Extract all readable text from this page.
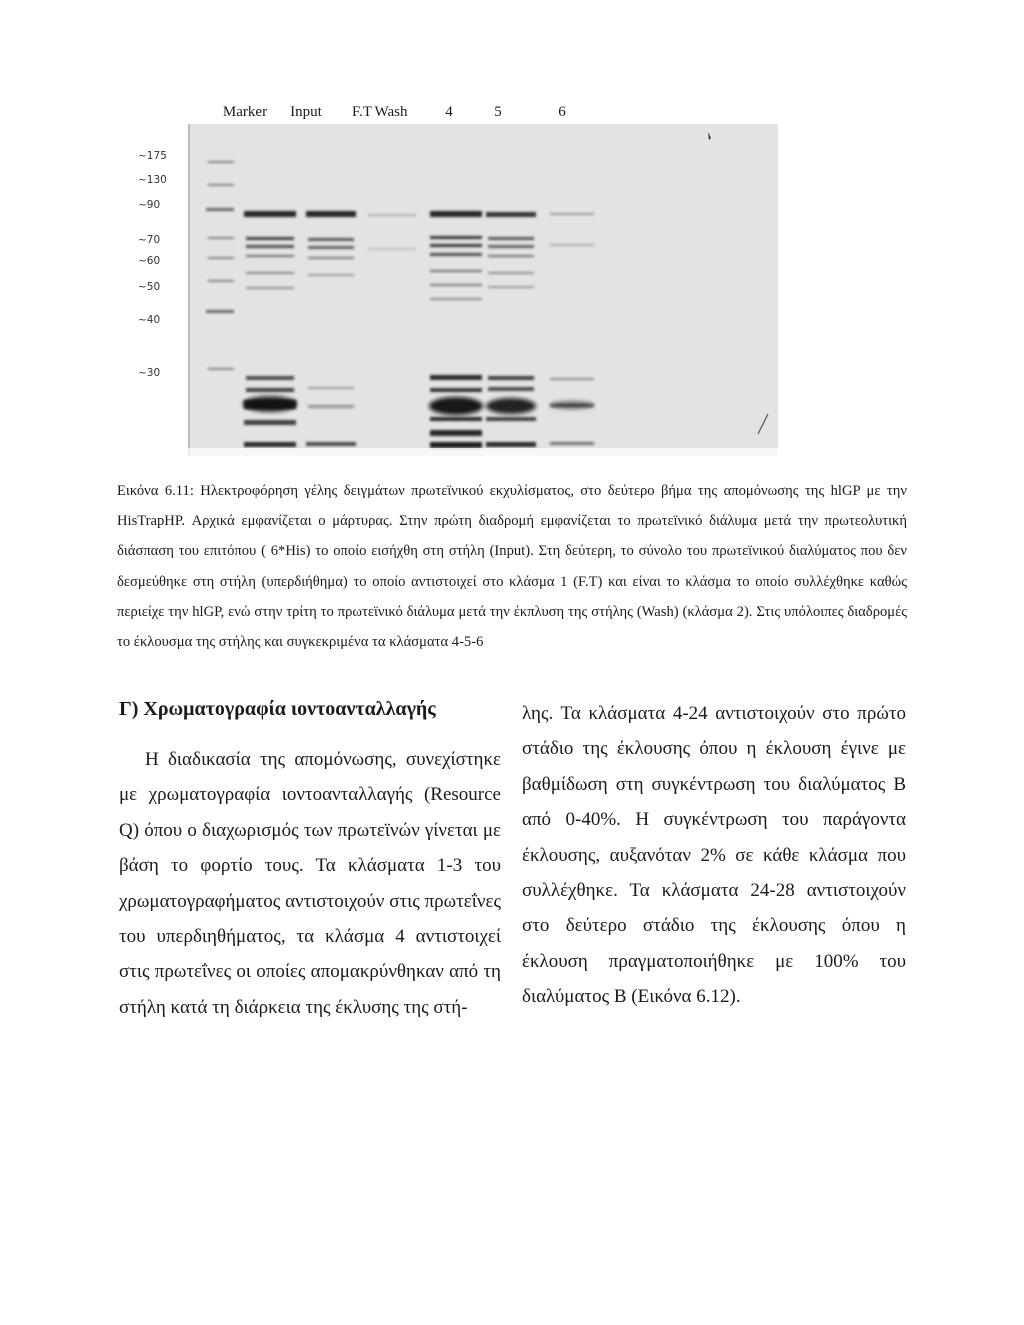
Marker Input F.T Wash	4	5	6
~175
~130
~90
~70
~60
~50
~40
~30

Εικόνα 6.11: Ηλεκτροφόρηση γέλης δειγμάτων πρωτεϊνικού εκχυλίσματος, στο δεύτερο βήμα της απομόνωσης της hlGP με την HisTrapHP. Αρχικά εμφανίζεται ο μάρτυρας. Στην πρώτη διαδρομή εμφανίζεται το πρωτεϊνικό διάλυμα μετά την πρωτεολυτική διάσπαση του επιτόπου ( 6*His) το οποίο εισήχθη στη στήλη (Input). Στη δεύτερη, το σύνολο του πρωτεϊνικού διαλύματος που δεν δεσμεύθηκε στη στήλη (υπερδιήθημα) το οποίο αντιστοιχεί στο κλάσμα 1 (F.T) και είναι το κλάσμα το οποίο συλλέχθηκε καθώς περιείχε την hlGP, ενώ στην τρίτη το πρωτεϊνικό διάλυμα μετά την έκπλυση της στήλης (Wash) (κλάσμα 2). Στις υπόλοιπες διαδρομές το έκλουσμα της στήλης και συγκεκριμένα τα κλάσματα 4-5-6

Γ) Χρωματογραφία ιοντοανταλλαγής
Η διαδικασία της απομόνωσης, συνεχίστηκε με χρωματογραφία ιοντοανταλλαγής (Resource Q) όπου ο διαχωρισμός των πρωτεϊνών γίνεται με βάση το φορτίο τους. Τα κλάσματα 1-3 του χρωματογραφήματος αντιστοιχούν στις πρωτεΐνες του υπερδιηθήματος, τα κλάσμα 4 αντιστοιχεί στις πρωτεΐνες οι οποίες απομακρύνθηκαν από τη στήλη κατά τη διάρκεια της έκλυσης της στή-
λης. Τα κλάσματα 4-24 αντιστοιχούν στο πρώτο στάδιο της έκλουσης όπου η έκλουση έγινε με βαθμίδωση στη συγκέντρωση του διαλύματος Β από 0-40%. Η συγκέντρωση του παράγοντα έκλουσης, αυξανόταν 2% σε κάθε κλάσμα που συλλέχθηκε. Τα κλάσματα 24-28 αντιστοιχούν στο δεύτερο στάδιο της έκλουσης όπου η έκλουση πραγματοποιήθηκε με 100% του διαλύματος Β (Εικόνα 6.12).
